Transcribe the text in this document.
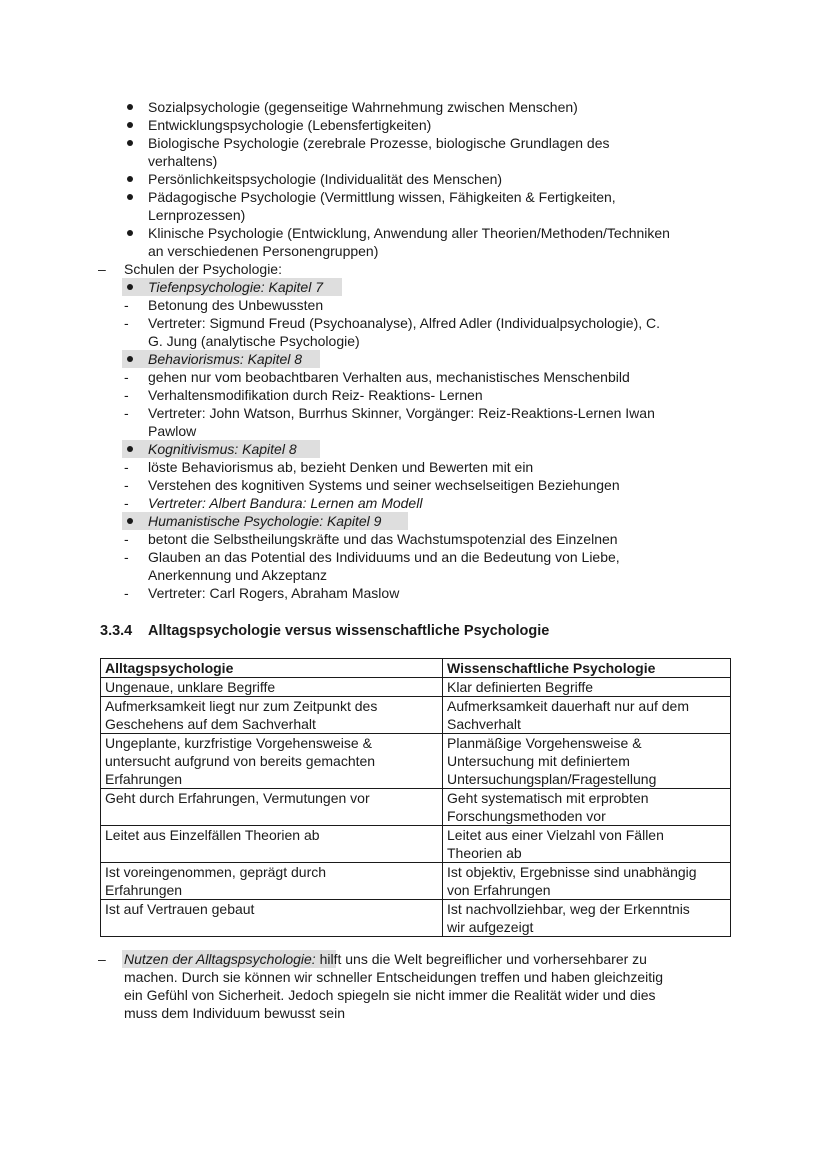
Sozialpsychologie (gegenseitige Wahrnehmung zwischen Menschen)
Entwicklungspsychologie (Lebensfertigkeiten)
Biologische Psychologie (zerebrale Prozesse, biologische Grundlagen des
verhaltens)
Persönlichkeitspsychologie (Individualität des Menschen)
Pädagogische Psychologie (Vermittlung wissen, Fähigkeiten & Fertigkeiten,
Lernprozessen)
Klinische Psychologie (Entwicklung, Anwendung aller Theorien/Methoden/Techniken
an verschiedenen Personengruppen)
– Schulen der Psychologie:
Tiefenpsychologie: Kapitel 7
- Betonung des Unbewussten
- Vertreter: Sigmund Freud (Psychoanalyse), Alfred Adler (Individualpsychologie), C.
G. Jung (analytische Psychologie)
Behaviorismus: Kapitel 8
- gehen nur vom beobachtbaren Verhalten aus, mechanistisches Menschenbild
- Verhaltensmodifikation durch Reiz- Reaktions- Lernen
- Vertreter: John Watson, Burrhus Skinner, Vorgänger: Reiz-Reaktions-Lernen Iwan
Pawlow
Kognitivismus: Kapitel 8
- löste Behaviorismus ab, bezieht Denken und Bewerten mit ein
- Verstehen des kognitiven Systems und seiner wechselseitigen Beziehungen
- Vertreter: Albert Bandura: Lernen am Modell
Humanistische Psychologie: Kapitel 9
- betont die Selbstheilungskräfte und das Wachstumspotenzial des Einzelnen
- Glauben an das Potential des Individuums und an die Bedeutung von Liebe,
Anerkennung und Akzeptanz
- Vertreter: Carl Rogers, Abraham Maslow
3.3.4 Alltagspsychologie versus wissenschaftliche Psychologie
Alltagspsychologie	Wissenschaftliche Psychologie

Ungenaue, unklare Begriffe	Klar definierten Begriffe

Aufmerksamkeit liegt nur zum Zeitpunkt des
Geschehens auf dem Sachverhalt	Aufmerksamkeit dauerhaft nur auf dem
Sachverhalt

Ungeplante, kurzfristige Vorgehensweise &
untersucht aufgrund von bereits gemachten
Erfahrungen	Planmäßige Vorgehensweise &
Untersuchung mit definiertem
Untersuchungsplan/Fragestellung

Geht durch Erfahrungen, Vermutungen vor	Geht systematisch mit erprobten
Forschungsmethoden vor

Leitet aus Einzelfällen Theorien ab	Leitet aus einer Vielzahl von Fällen
Theorien ab

Ist voreingenommen, geprägt durch
Erfahrungen	Ist objektiv, Ergebnisse sind unabhängig
von Erfahrungen

Ist auf Vertrauen gebaut	Ist nachvollziehbar, weg der Erkenntnis
wir aufgezeigt
– Nutzen der Alltagspsychologie: hilft uns die Welt begreiflicher und vorhersehbarer zu
machen. Durch sie können wir schneller Entscheidungen treffen und haben gleichzeitig
ein Gefühl von Sicherheit. Jedoch spiegeln sie nicht immer die Realität wider und dies
muss dem Individuum bewusst sein
